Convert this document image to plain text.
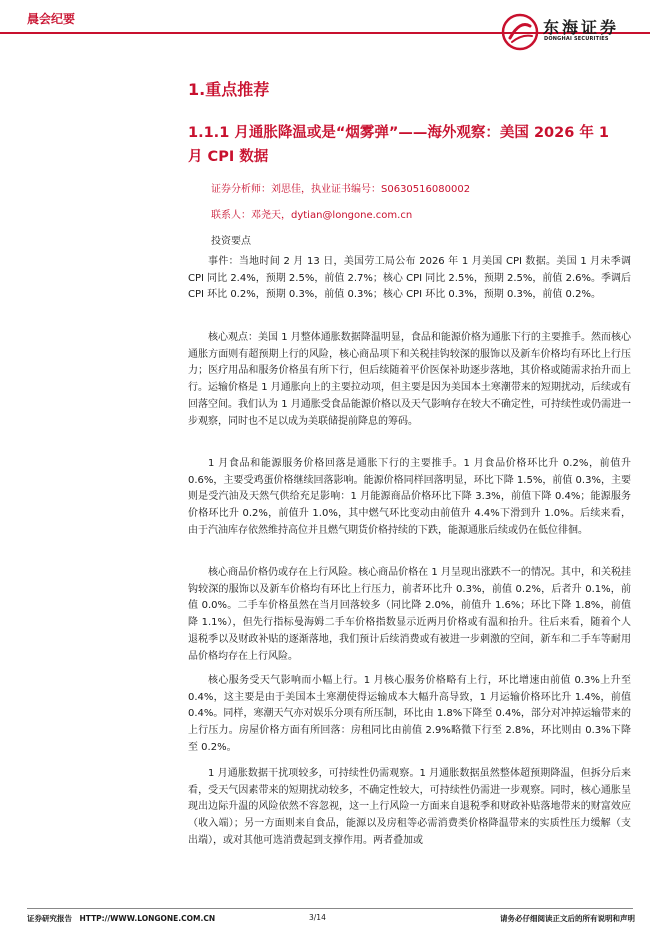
晨会纪要	东海证券
DONGHAI SECURITIES
1.重点推荐
1.1.1 月通胀降温或是“烟雾弹”——海外观察：美国 2026 年 1 月 CPI 数据
证券分析师：刘思佳，执业证书编号：S0630516080002
联系人：邓尧天，dytian@longone.com.cn
投资要点

事件：当地时间 2 月 13 日，美国劳工局公布 2026 年 1 月美国 CPI 数据。美国 1 月未季调 CPI 同比 2.4%，预期 2.5%，前值 2.7%；核心 CPI 同比 2.5%，预期 2.5%，前值 2.6%。季调后 CPI 环比 0.2%，预期 0.3%，前值 0.3%；核心 CPI 环比 0.3%，预期 0.3%，前值 0.2%。

核心观点：美国 1 月整体通胀数据降温明显，食品和能源价格为通胀下行的主要推手。然而核心通胀方面则有超预期上行的风险，核心商品项下和关税挂钩较深的服饰以及新车价格均有环比上行压力；医疗用品和服务价格虽有所下行，但后续随着平价医保补助逐步落地，其价格或随需求抬升而上行。运输价格是 1 月通胀向上的主要拉动项，但主要是因为美国本土寒潮带来的短期扰动，后续或有回落空间。我们认为 1 月通胀受食品能源价格以及天气影响存在较大不确定性，可持续性或仍需进一步观察，同时也不足以成为美联储提前降息的筹码。

1 月食品和能源服务价格回落是通胀下行的主要推手。1 月食品价格环比升 0.2%，前值升 0.6%，主要受鸡蛋价格继续回落影响。能源价格同样回落明显，环比下降 1.5%，前值 0.3%，主要则是受汽油及天然气供给充足影响：1 月能源商品价格环比下降 3.3%，前值下降 0.4%；能源服务价格环比升 0.2%，前值升 1.0%，其中燃气环比变动由前值升 4.4%下滑到升 1.0%。后续来看，由于汽油库存依然维持高位并且燃气期货价格持续的下跌，能源通胀后续或仍在低位徘徊。

核心商品价格仍或存在上行风险。核心商品价格在 1 月呈现出涨跌不一的情况。其中，和关税挂钩较深的服饰以及新车价格均有环比上行压力，前者环比升 0.3%，前值 0.2%，后者升 0.1%，前值 0.0%。二手车价格虽然在当月回落较多（同比降 2.0%，前值升 1.6%；环比下降 1.8%，前值降 1.1%），但先行指标曼海姆二手车价格指数显示近两月价格或有温和抬升。往后来看，随着个人退税季以及财政补贴的逐渐落地，我们预计后续消费或有被进一步刺激的空间，新车和二手车等耐用品价格均存在上行风险。

核心服务受天气影响而小幅上行。1 月核心服务价格略有上行，环比增速由前值 0.3%上升至 0.4%，这主要是由于美国本土寒潮使得运输成本大幅升高导致，1 月运输价格环比升 1.4%，前值 0.4%。同样，寒潮天气亦对娱乐分项有所压制，环比由 1.8%下降至 0.4%，部分对冲掉运输带来的上行压力。房屋价格方面有所回落：房租同比由前值 2.9%略微下行至 2.8%，环比则由 0.3%下降至 0.2%。

1 月通胀数据干扰项较多，可持续性仍需观察。1 月通胀数据虽然整体超预期降温，但拆分后来看，受天气因素带来的短期扰动较多，不确定性较大，可持续性仍需进一步观察。同时，核心通胀呈现出边际升温的风险依然不容忽视，这一上行风险一方面来自退税季和财政补贴落地带来的财富效应（收入端）；另一方面则来自食品，能源以及房租等必需消费类价格降温带来的实质性压力缓解（支出端），或对其他可选消费起到支撑作用。两者叠加或

证券研究报告　HTTP://WWW.LONGONE.COM.CN	3/14	请务必仔细阅读正文后的所有说明和声明
